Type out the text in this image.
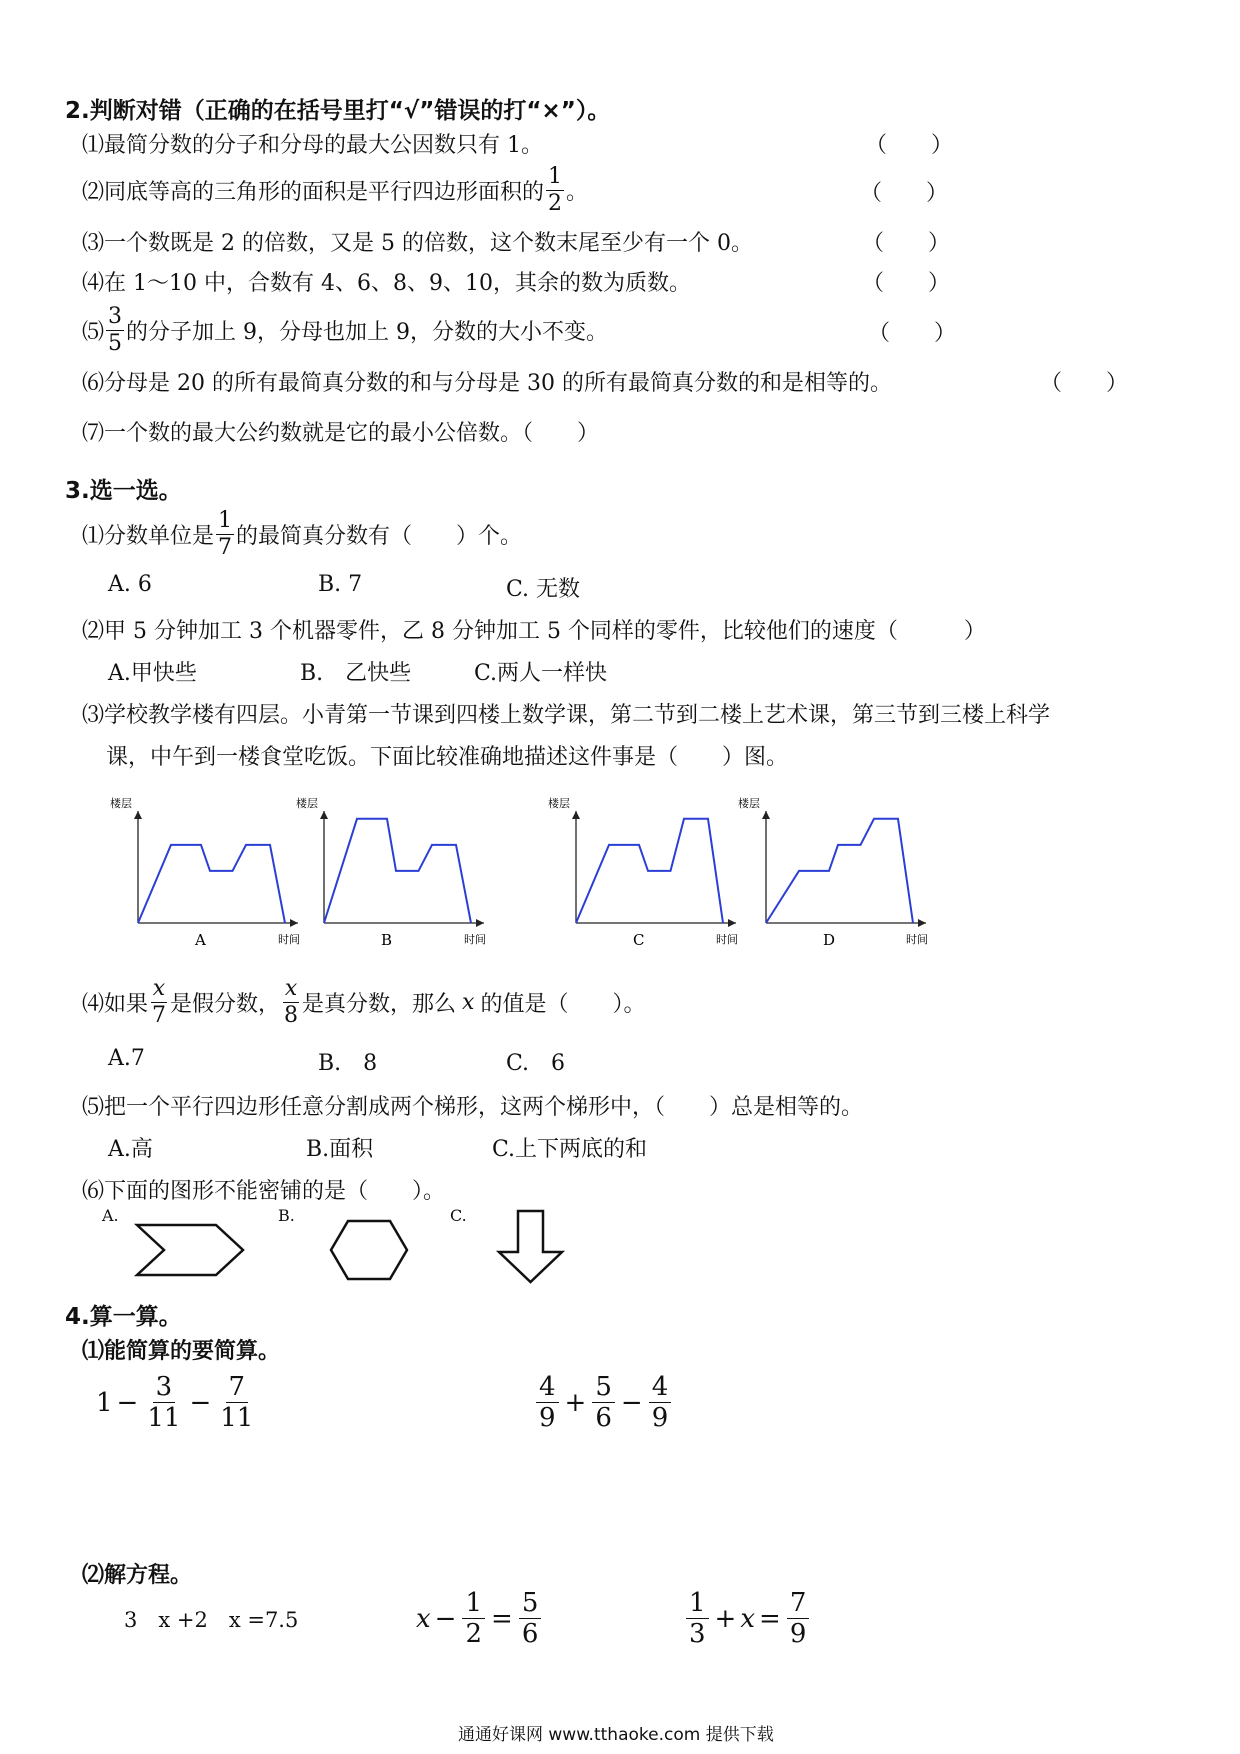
2.判断对错（正确的在括号里打“√”错误的打“×”）。
⑴最简分数的分子和分母的最大公因数只有 1。	（　　）
⑵同底等高的三角形的面积是平行四边形面积的 $\frac{1}{2}$ 。	（　　）
⑶一个数既是 2 的倍数，又是 5 的倍数，这个数末尾至少有一个 0。	（　　）
⑷在 1～10 中，合数有 4、6、8、9、10，其余的数为质数。	（　　）
⑸ $\frac{3}{5}$ 的分子加上 9，分母也加上 9，分数的大小不变。	（　　）
⑹分母是 20 的所有最简真分数的和与分母是 30 的所有最简真分数的和是相等的。	（　　）
⑺一个数的最大公约数就是它的最小公倍数。（　　）
3.选一选。
⑴分数单位是 $\frac{1}{7}$ 的最简真分数有（　　）个。
A. 6	B. 7	C. 无数
⑵甲 5 分钟加工 3 个机器零件，乙 8 分钟加工 5 个同样的零件，比较他们的速度（　　　）
A.甲快些	B.　乙快些	C.两人一样快
⑶学校教学楼有四层。小青第一节课到四楼上数学课，第二节到二楼上艺术课，第三节到三楼上科学
课，中午到一楼食堂吃饭。下面比较准确地描述这件事是（　　）图。
楼层
时间
A
楼层
时间
B
楼层
时间
C
楼层
时间
D
⑷如果 $\frac{x}{7}$ 是假分数， $\frac{x}{8}$ 是真分数，那么 x 的值是（　　）。
A.7	B.　8	C.　6
⑸把一个平行四边形任意分割成两个梯形，这两个梯形中，（　　）总是相等的。
A.高	B.面积	C.上下两底的和
⑹下面的图形不能密铺的是（　　）。
A.	B.	C.
4.算一算。
⑴能简算的要简算。
$1 - \frac{3}{11} - \frac{7}{11}$	$\frac{4}{9} + \frac{5}{6} - \frac{4}{9}$
⑵解方程。
3　x +2　x =7.5	$x - \frac{1}{2} = \frac{5}{6}$	$\frac{1}{3} + x = \frac{7}{9}$
通通好课网 www.tthaoke.com 提供下载
